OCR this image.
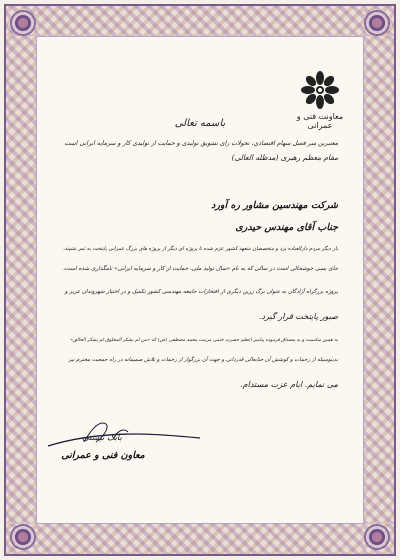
معاونت فنی و عمرانی
باسمه تعالی
معتبرین سر فصل سهام اقتصادی، تحولات رای تشویق تولیدی و حمایت از تولیدی کار و سرمایه ایرانی است
مقام معظم رهبری (مدظله العالی)
شرکت مهندسین مشاور ره آورد
جناب آقای مهندس حیدری
بار دیگر مردم دارالعباده یزد و متخصصان متعهد کشور عزم شده تا پروژه ای دیگر از پروژه های بزرگ عمرانی پایتخت به ثمر نشیند،
جای بسی خوشحالی است در سالی که به نام «سال تولید ملی، حمایت از کار و سرمایه ایرانی» نامگذاری شده است،
پروژه بزرگراه آزادگان به عنوان برگ زرین دیگری از افتخارات جامعه مهندسی کشور تکمیل و در اختیار شهروندان عزیز و
صبور پایتخت قرار گیرد.
به همین مناسبت و به مصداق فرموده پیامبر اعظم حضرت ختمی مرتبت محمد مصطفی (ص) که «من لم یشکر المخلوق لم یشکر الخالق»
بدینوسیله از زحمات و کوشش آن جنابعالی قدردانی و جهت آن بزرگوار از زحمات و تلاش صمیمانه در راه جمعیت محترم نیز
می نمایم. ایام عزت مستدام.
بابک نیستی
معاون فنی و عمرانی
